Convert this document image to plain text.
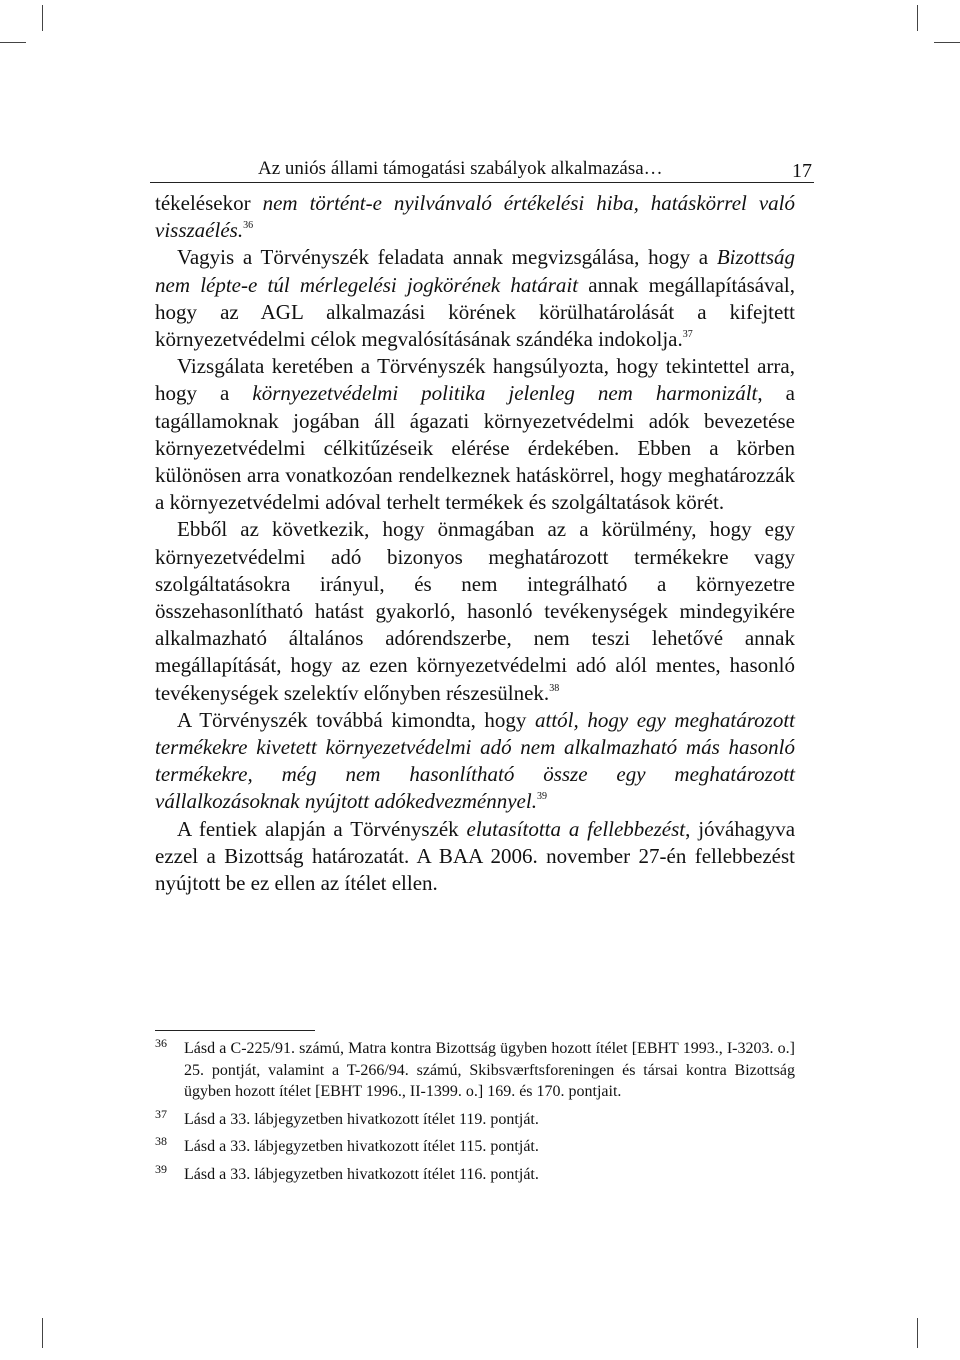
Az uniós állami támogatási szabályok alkalmazása…	17

tékelésekor nem történt-e nyilvánvaló értékelési hiba, hatáskörrel való visszaélés.$^{36}$

Vagyis a Törvényszék feladata annak megvizsgálása, hogy a Bizottság nem lépte-e túl mérlegelési jogkörének határait annak megállapításával, hogy az AGL alkalmazási körének körülhatárolását a kifejtett környezetvédelmi célok megvalósításának szándéka indokolja.$^{37}$

Vizsgálata keretében a Törvényszék hangsúlyozta, hogy tekintettel arra, hogy a környezetvédelmi politika jelenleg nem harmonizált, a tagállamoknak jogában áll ágazati környezetvédelmi adók bevezetése környezetvédelmi célkitűzéseik elérése érdekében. Ebben a körben különösen arra vonatkozóan rendelkeznek hatáskörrel, hogy meghatározzák a környezetvédelmi adóval terhelt termékek és szolgáltatások körét.

Ebből az következik, hogy önmagában az a körülmény, hogy egy környezetvédelmi adó bizonyos meghatározott termékekre vagy szolgáltatásokra irányul, és nem integrálható a környezetre összehasonlítható hatást gyakorló, hasonló tevékenységek mindegyikére alkalmazható általános adórendszerbe, nem teszi lehetővé annak megállapítását, hogy az ezen környezetvédelmi adó alól mentes, hasonló tevékenységek szelektív előnyben részesülnek.$^{38}$

A Törvényszék továbbá kimondta, hogy attól, hogy egy meghatározott termékekre kivetett környezetvédelmi adó nem alkalmazható más hasonló termékekre, még nem hasonlítható össze egy meghatározott vállalkozásoknak nyújtott adókedvezménnyel.$^{39}$

A fentiek alapján a Törvényszék elutasította a fellebbezést, jóváhagyva ezzel a Bizottság határozatát. A BAA 2006. november 27-én fellebbezést nyújtott be ez ellen az ítélet ellen.

36 Lásd a C-225/91. számú, Matra kontra Bizottság ügyben hozott ítélet [EBHT 1993., I-3203. o.] 25. pontját, valamint a T-266/94. számú, Skibsværftsforeningen és társai kontra Bizottság ügyben hozott ítélet [EBHT 1996., II-1399. o.] 169. és 170. pontjait.
37 Lásd a 33. lábjegyzetben hivatkozott ítélet 119. pontját.
38 Lásd a 33. lábjegyzetben hivatkozott ítélet 115. pontját.
39 Lásd a 33. lábjegyzetben hivatkozott ítélet 116. pontját.
